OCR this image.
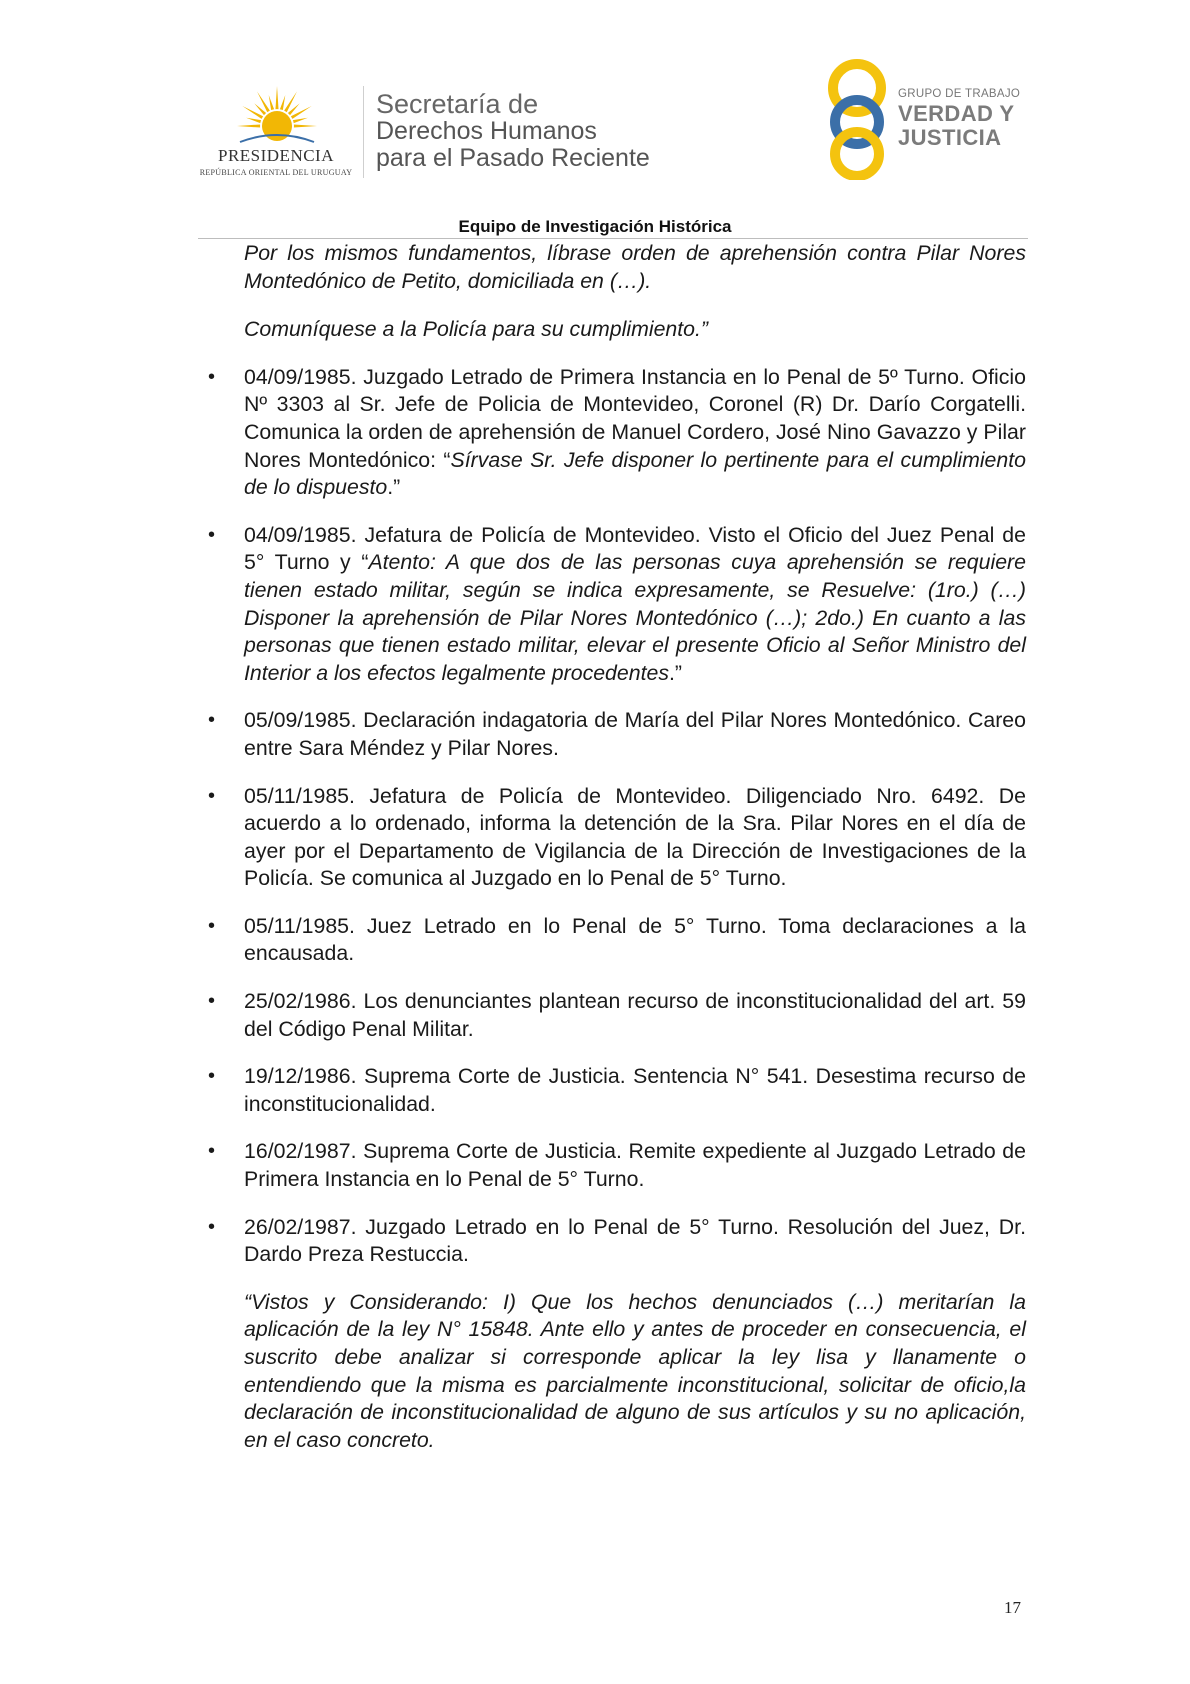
PRESIDENCIA
REPÚBLICA ORIENTAL DEL URUGUAY
Secretaría de
Derechos Humanos
para el Pasado Reciente
GRUPO DE TRABAJO
VERDAD Y
JUSTICIA
Equipo de Investigación Histórica

Por los mismos fundamentos, líbrase orden de aprehensión contra Pilar Nores Montedónico de Petito, domiciliada en (…).

Comuníquese a la Policía para su cumplimiento.”

• 04/09/1985. Juzgado Letrado de Primera Instancia en lo Penal de 5º Turno. Oficio Nº 3303 al Sr. Jefe de Policia de Montevideo, Coronel (R) Dr. Darío Corgatelli. Comunica la orden de aprehensión de Manuel Cordero, José Nino Gavazzo y Pilar Nores Montedónico: “Sírvase Sr. Jefe disponer lo pertinente para el cumplimiento de lo dispuesto.”
• 04/09/1985. Jefatura de Policía de Montevideo. Visto el Oficio del Juez Penal de 5° Turno y “Atento: A que dos de las personas cuya aprehensión se requiere tienen estado militar, según se indica expresamente, se Resuelve: (1ro.) (…) Disponer la aprehensión de Pilar Nores Montedónico (…); 2do.) En cuanto a las personas que tienen estado militar, elevar el presente Oficio al Señor Ministro del Interior a los efectos legalmente procedentes.”
• 05/09/1985. Declaración indagatoria de María del Pilar Nores Montedónico. Careo entre Sara Méndez y Pilar Nores.
• 05/11/1985. Jefatura de Policía de Montevideo. Diligenciado Nro. 6492. De acuerdo a lo ordenado, informa la detención de la Sra. Pilar Nores en el día de ayer por el Departamento de Vigilancia de la Dirección de Investigaciones de la Policía. Se comunica al Juzgado en lo Penal de 5° Turno.
• 05/11/1985. Juez Letrado en lo Penal de 5° Turno. Toma declaraciones a la encausada.
• 25/02/1986. Los denunciantes plantean recurso de inconstitucionalidad del art. 59 del Código Penal Militar.
• 19/12/1986. Suprema Corte de Justicia. Sentencia N° 541. Desestima recurso de inconstitucionalidad.
• 16/02/1987. Suprema Corte de Justicia. Remite expediente al Juzgado Letrado de Primera Instancia en lo Penal de 5° Turno.
• 26/02/1987. Juzgado Letrado en lo Penal de 5° Turno. Resolución del Juez, Dr. Dardo Preza Restuccia.

“Vistos y Considerando: I) Que los hechos denunciados (…) meritarían la aplicación de la ley N° 15848. Ante ello y antes de proceder en consecuencia, el suscrito debe analizar si corresponde aplicar la ley lisa y llanamente o entendiendo que la misma es parcialmente inconstitucional, solicitar de oficio,la declaración de inconstitucionalidad de alguno de sus artículos y su no aplicación, en el caso concreto.

17
